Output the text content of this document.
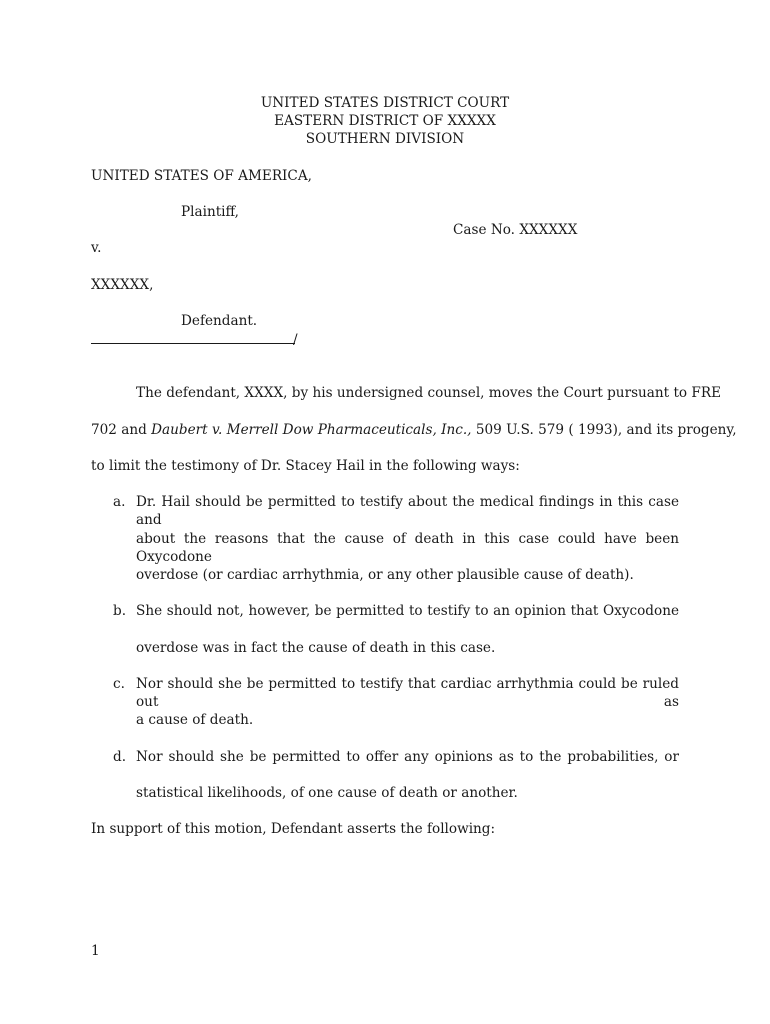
UNITED STATES DISTRICT COURT
EASTERN DISTRICT OF XXXXX
SOUTHERN DIVISION
UNITED STATES OF AMERICA,
Plaintiff,
Case No. XXXXXX
v.
XXXXXX,
Defendant.
/
The defendant, XXXX, by his undersigned counsel, moves the Court pursuant to FRE
702 and Daubert v. Merrell Dow Pharmaceuticals, Inc., 509 U.S. 579 ( 1993), and its progeny,
to limit the testimony of Dr. Stacey Hail in the following ways:
a. Dr. Hail should be permitted to testify about the medical findings in this case and
about the reasons that the cause of death in this case could have been Oxycodone
overdose (or cardiac arrhythmia, or any other plausible cause of death).
b. She should not, however, be permitted to testify to an opinion that Oxycodone
overdose was in fact the cause of death in this case.
c. Nor should she be permitted to testify that cardiac arrhythmia could be ruled out as
a cause of death.
d. Nor should she be permitted to offer any opinions as to the probabilities, or
statistical likelihoods, of one cause of death or another.
In support of this motion, Defendant asserts the following:
1
